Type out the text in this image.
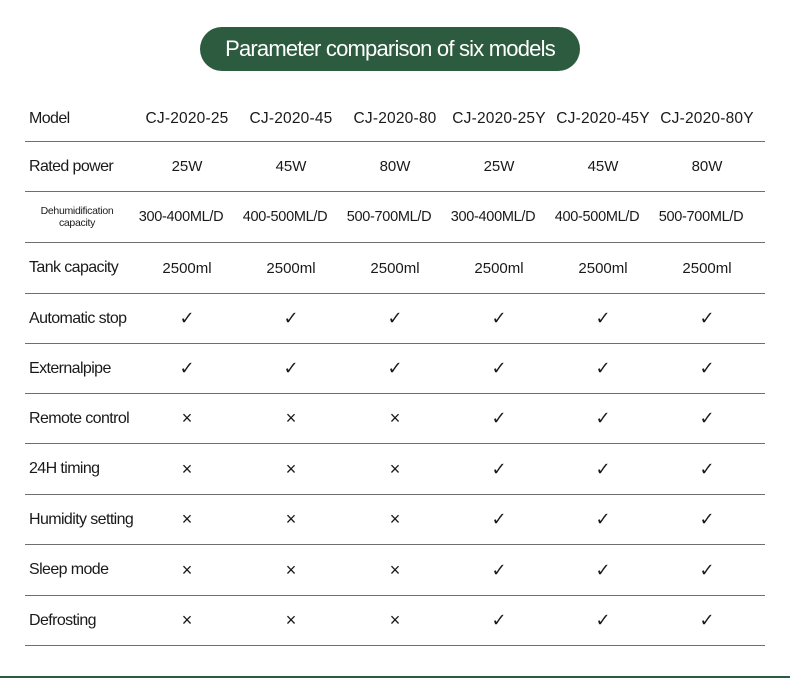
Parameter comparison of six models
Model	CJ-2020-25	CJ-2020-45	CJ-2020-80	CJ-2020-25Y CJ-2020-45Y CJ-2020-80Y
Rated power	25W	45W	80W	25W	45W	80W
Dehumidification capacity	300-400ML/D	400-500ML/D	500-700ML/D	300-400ML/D	400-500ML/D	500-700ML/D
Tank capacity	2500ml	2500ml	2500ml	2500ml	2500ml	2500ml
Automatic stop	✓	✓	✓	✓	✓	✓
Externalpipe	✓	✓	✓	✓	✓	✓
Remote control	×	×	×	✓	✓	✓
24H timing	×	×	×	✓	✓	✓
Humidity setting	×	×	×	✓	✓	✓
Sleep mode	×	×	×	✓	✓	✓
Defrosting	×	×	×	✓	✓	✓
